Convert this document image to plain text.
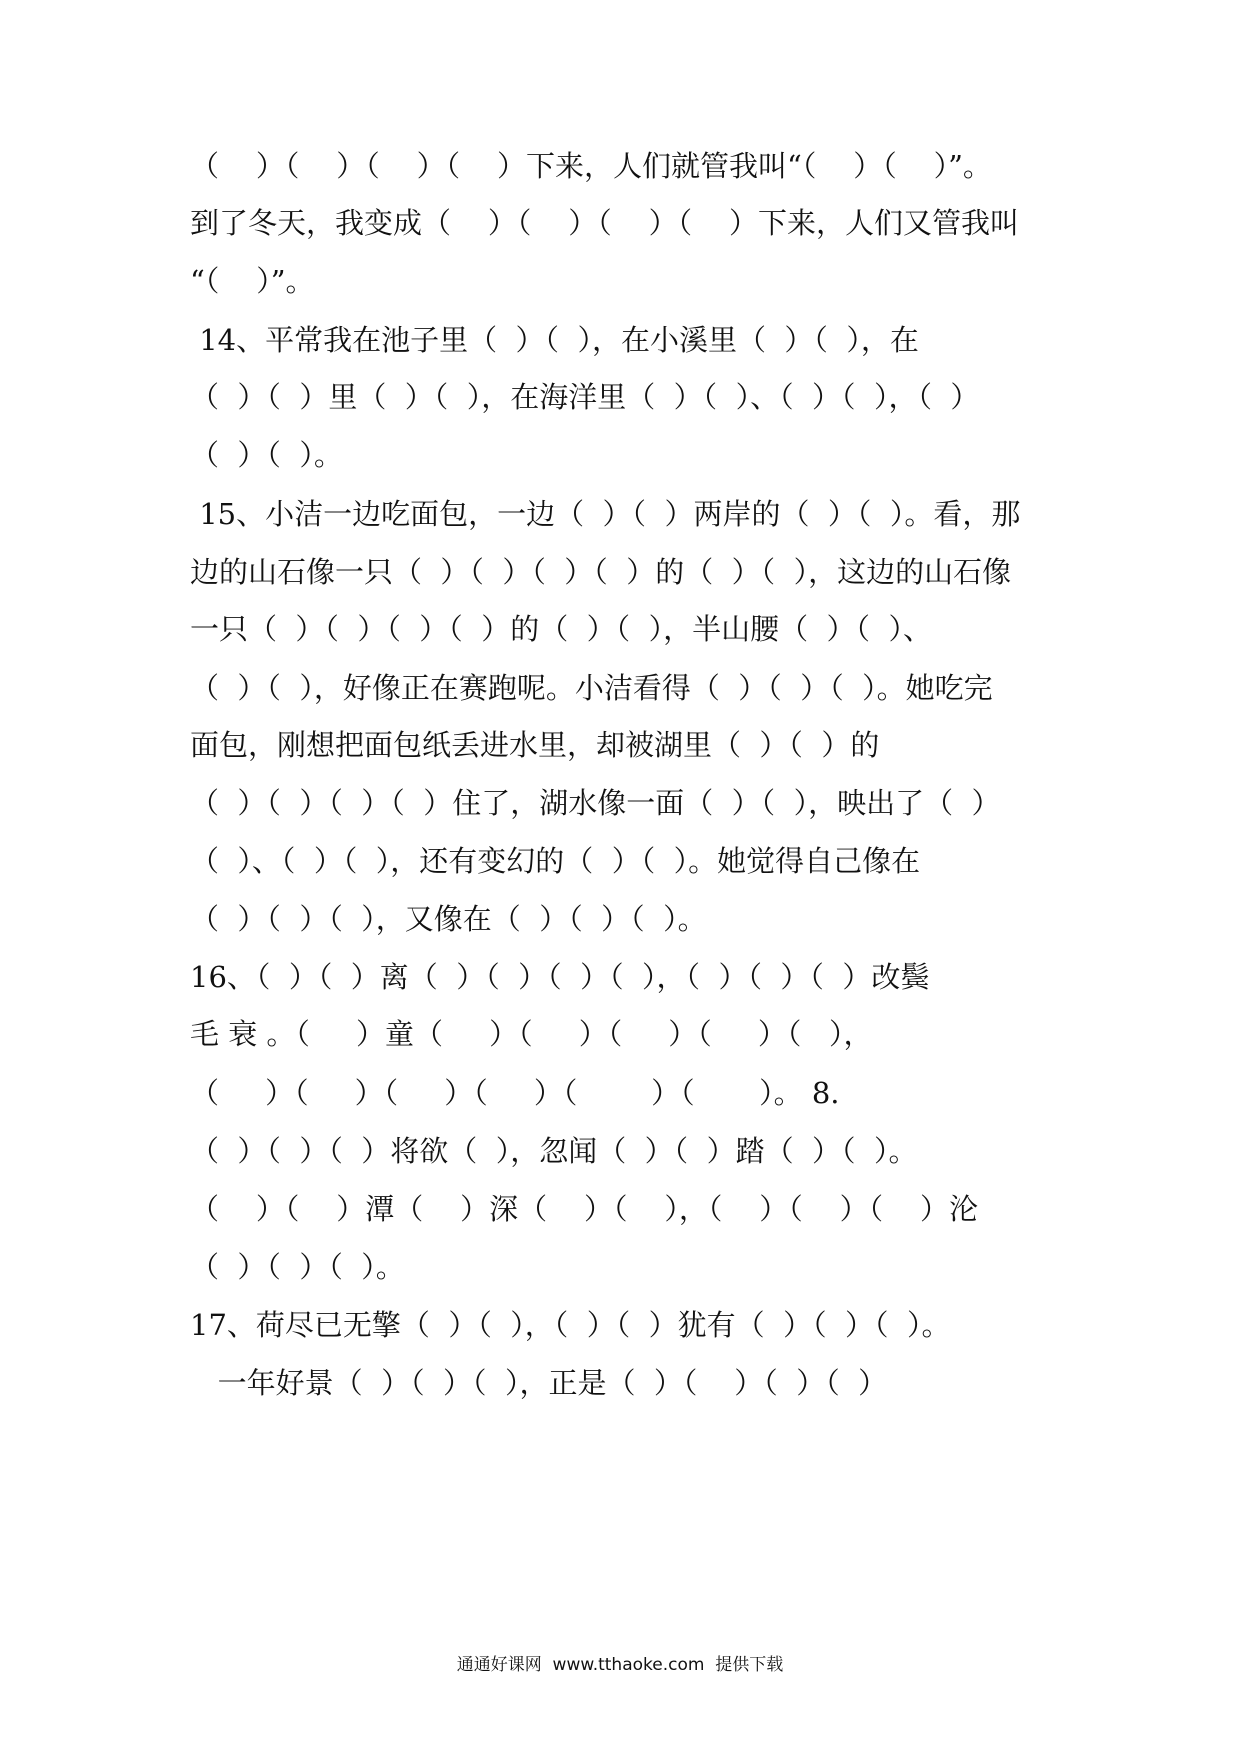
（    ）（    ）（    ）（    ）下来，人们就管我叫“（    ）（    ）”。
到了冬天，我变成（    ）（    ）（    ）（    ）下来，人们又管我叫
“（    ）”。
14、平常我在池子里（  ）（  ），在小溪里（  ）（  ），在
（  ）（  ）里（  ）（  ），在海洋里（  ）（  ）、（  ）（  ），（  ）
（  ）（  ）。
15、小洁一边吃面包，一边（  ）（  ）两岸的（  ）（  ）。看，那
边的山石像一只（  ）（  ）（  ）（  ）的（  ）（  ），这边的山石像
一只（  ）（  ）（  ）（  ）的（  ）（  ），半山腰（  ）（  ）、
（  ）（  ），好像正在赛跑呢。小洁看得（  ）（  ）（  ）。她吃完
面包，刚想把面包纸丢进水里，却被湖里（  ）（  ）的
（  ）（  ）（  ）（  ）住了，湖水像一面（  ）（  ），映出了（  ）
（  ）、（  ）（  ），还有变幻的（  ）（  ）。她觉得自己像在
（  ）（  ）（  ），又像在（  ）（  ）（  ）。
16、（  ）（  ）离（  ）（  ）（  ）（  ），（  ）（  ）（  ）改鬓
毛 衰 。（     ）童（     ）（     ）（     ）（     ）（   ），
（     ）（     ）（     ）（     ）（        ）（       ）。 8.
（  ）（  ）（  ）将欲（  ），忽闻（  ）（  ）踏（  ）（  ）。
（    ）（    ）潭（    ）深（    ）（    ），（    ）（    ）（    ）沦
（  ）（  ）（  ）。
17、荷尽已无擎（  ）（  ），（  ）（  ）犹有（  ）（  ）（  ）。
一年好景（  ）（  ）（  ），正是（  ）（    ）（  ）（  ）
通通好课网  www.tthaoke.com  提供下载
